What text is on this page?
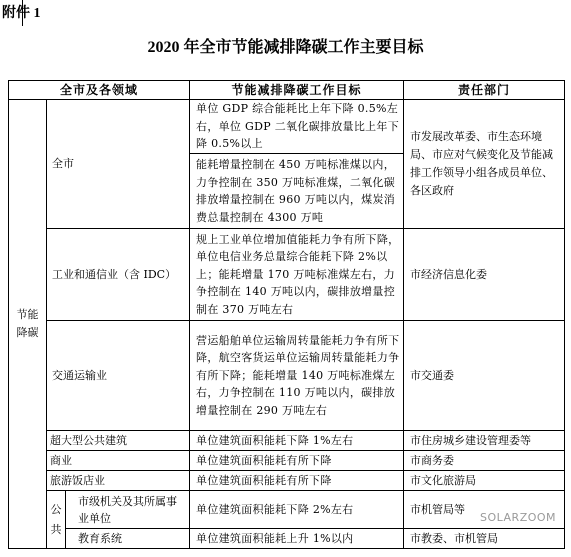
附件 1
2020 年全市节能减排降碳工作主要目标
全市及各领域			节能减排降碳工作目标	责任部门
节能降碳	全市		单位 GDP 综合能耗比上年下降 0.5%左右，单位 GDP 二氧化碳排放量比上年下降 0.5%以上	市发展改革委、市生态环境局、市应对气候变化及节能减排工作领导小组各成员单位、各区政府
			能耗增量控制在 450 万吨标准煤以内，力争控制在 350 万吨标准煤，二氧化碳排放增量控制在 960 万吨以内，煤炭消费总量控制在 4300 万吨	
	工业和通信业（含 IDC）		规上工业单位增加值能耗力争有所下降，单位电信业务总量综合能耗下降 2%以上；能耗增量 170 万吨标准煤左右，力争控制在 140 万吨以内，碳排放增量控制在 370 万吨左右	市经济信息化委
	交通运输业		营运船舶单位运输周转量能耗力争有所下降，航空客货运单位运输周转量能耗力争有所下降；能耗增量 140 万吨标准煤左右，力争控制在 110 万吨以内，碳排放增量控制在 290 万吨左右	市交通委
	超大型公共建筑		单位建筑面积能耗下降 1%左右	市住房城乡建设管理委等
	商业		单位建筑面积能耗有所下降	市商务委
	旅游饭店业		单位建筑面积能耗有所下降	市文化旅游局
	公共	市级机关及其所属事业单位	单位建筑面积能耗下降 2%左右	市机管局等
		教育系统	单位建筑面积能耗上升 1%以内	市教委、市机管局
SOLARZOOM
